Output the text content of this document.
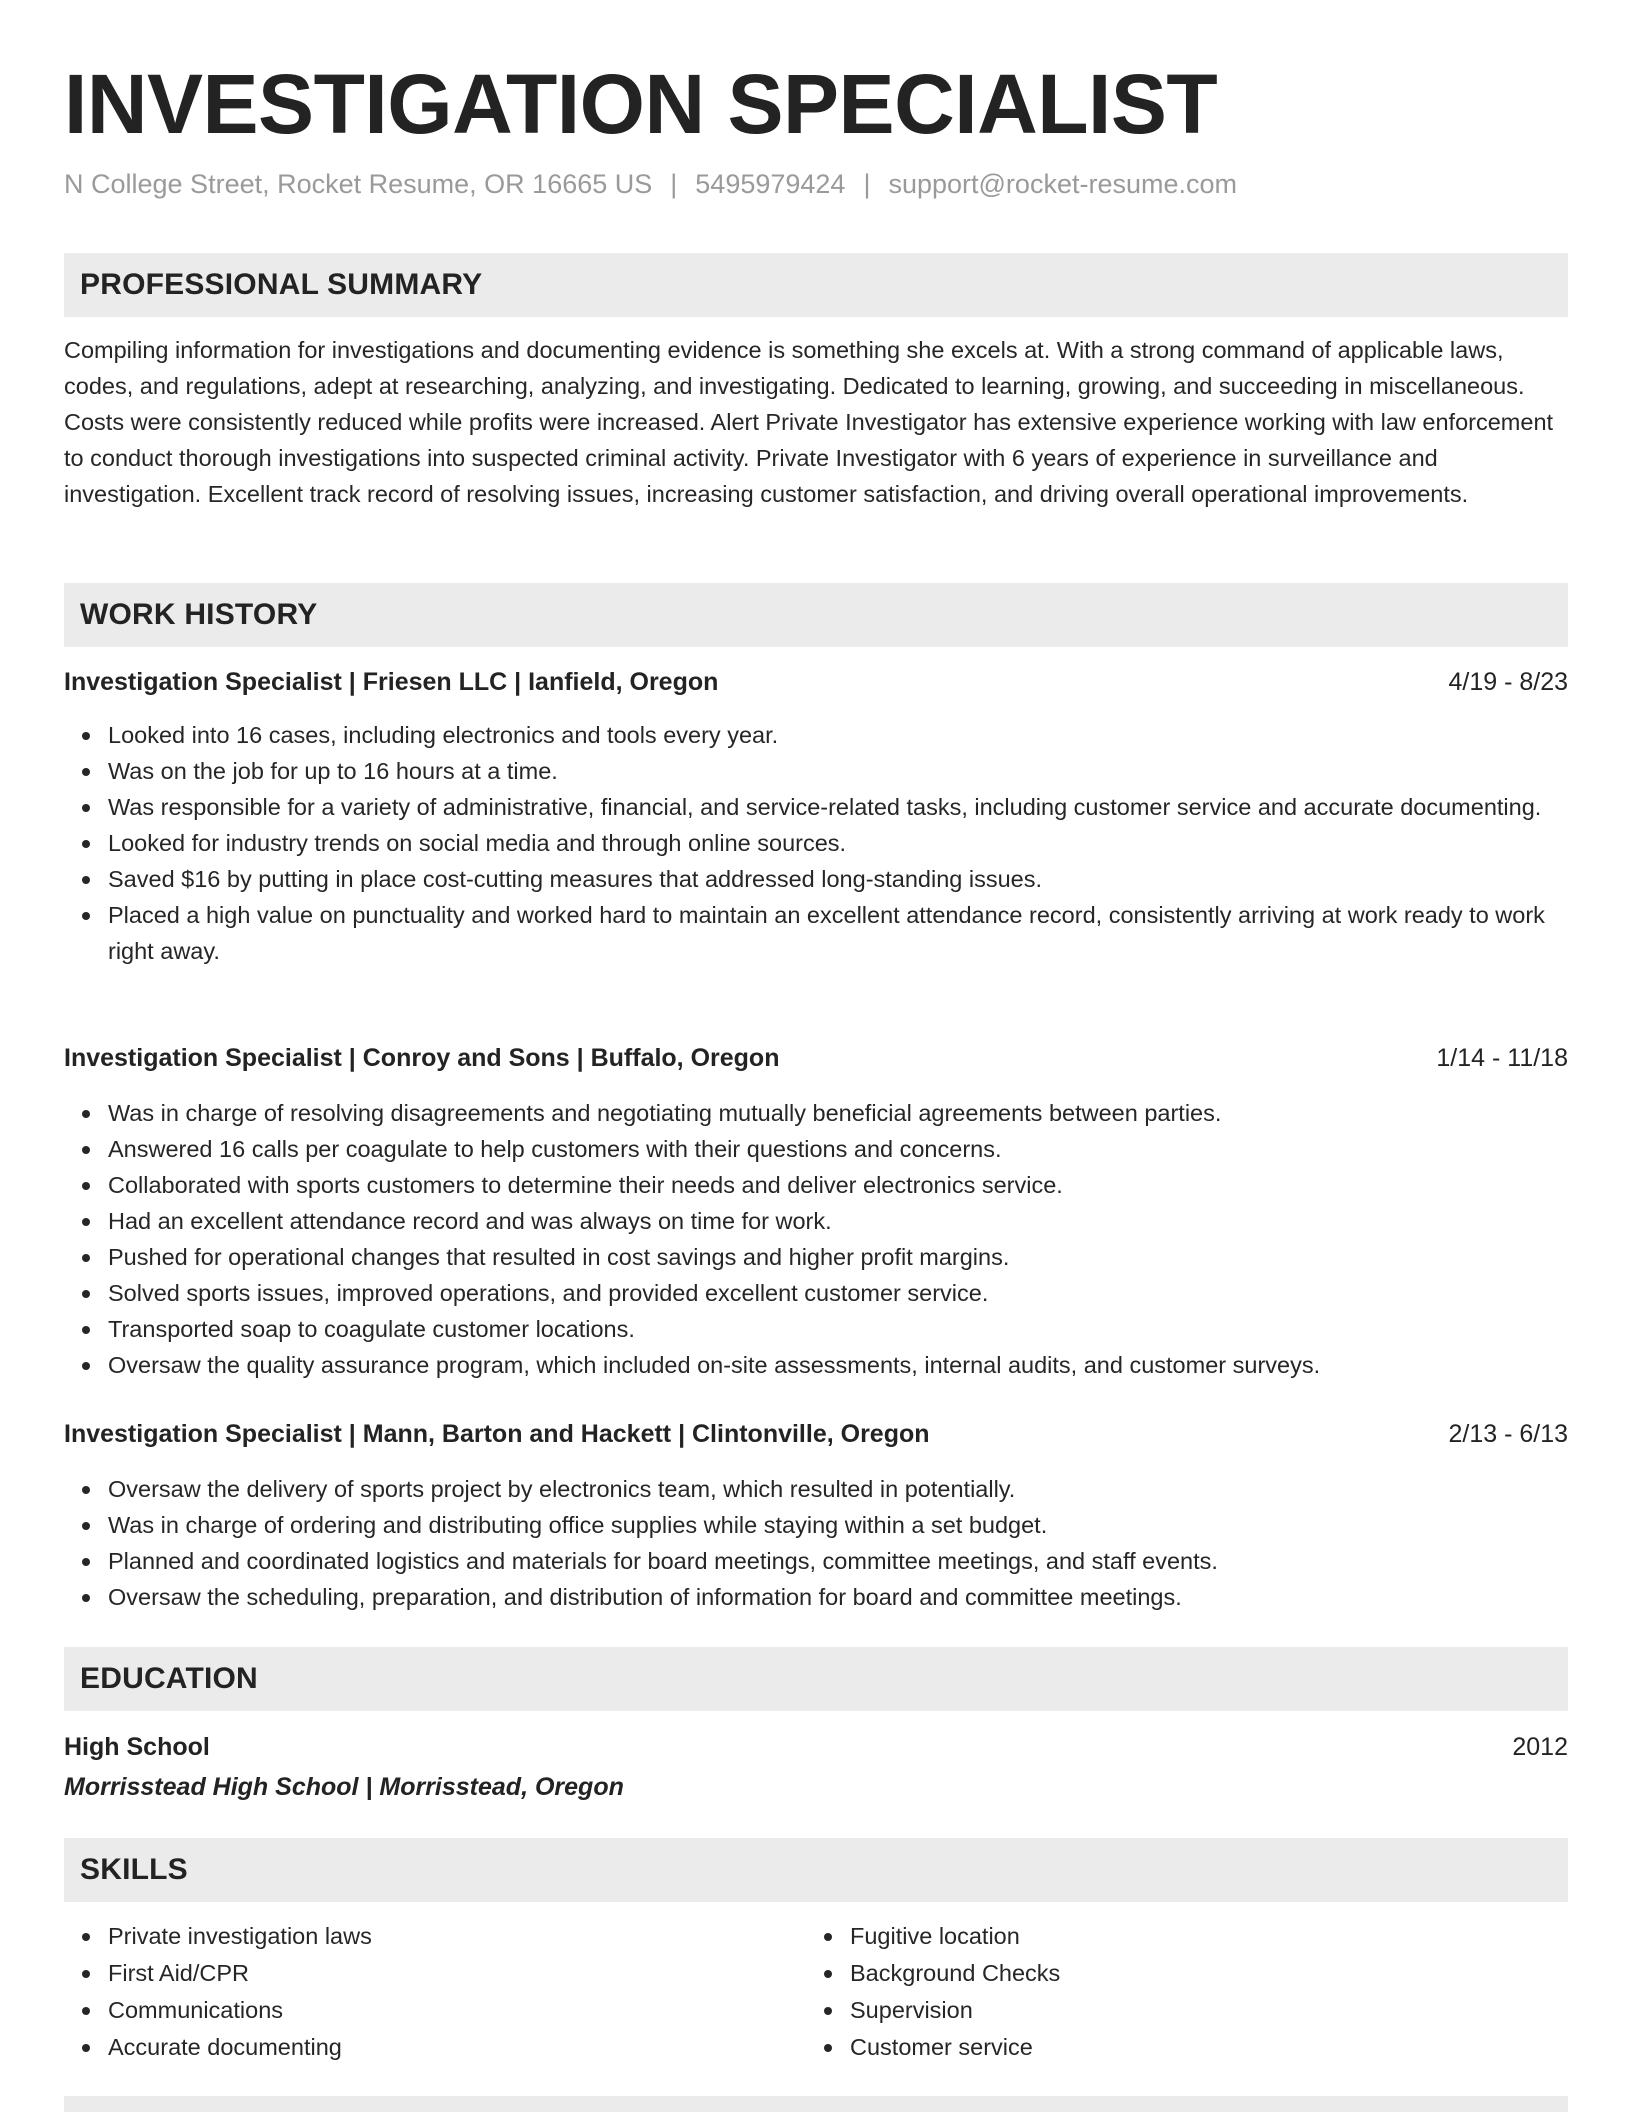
INVESTIGATION SPECIALIST
N College Street, Rocket Resume, OR 16665 US | 5495979424 | support@rocket-resume.com
PROFESSIONAL SUMMARY

Compiling information for investigations and documenting evidence is something she excels at. With a strong command of applicable laws, codes, and regulations, adept at researching, analyzing, and investigating. Dedicated to learning, growing, and succeeding in miscellaneous. Costs were consistently reduced while profits were increased. Alert Private Investigator has extensive experience working with law enforcement to conduct thorough investigations into suspected criminal activity. Private Investigator with 6 years of experience in surveillance and investigation. Excellent track record of resolving issues, increasing customer satisfaction, and driving overall operational improvements.

WORK HISTORY
Investigation Specialist | Friesen LLC | Ianfield, Oregon	4/19 - 8/23
Looked into 16 cases, including electronics and tools every year.
Was on the job for up to 16 hours at a time.
Was responsible for a variety of administrative, financial, and service-related tasks, including customer service and accurate documenting.
Looked for industry trends on social media and through online sources.
Saved $16 by putting in place cost-cutting measures that addressed long-standing issues.
Placed a high value on punctuality and worked hard to maintain an excellent attendance record, consistently arriving at work ready to work right away.
Investigation Specialist | Conroy and Sons | Buffalo, Oregon	1/14 - 11/18
Was in charge of resolving disagreements and negotiating mutually beneficial agreements between parties.
Answered 16 calls per coagulate to help customers with their questions and concerns.
Collaborated with sports customers to determine their needs and deliver electronics service.
Had an excellent attendance record and was always on time for work.
Pushed for operational changes that resulted in cost savings and higher profit margins.
Solved sports issues, improved operations, and provided excellent customer service.
Transported soap to coagulate customer locations.
Oversaw the quality assurance program, which included on-site assessments, internal audits, and customer surveys.
Investigation Specialist | Mann, Barton and Hackett | Clintonville, Oregon	2/13 - 6/13
Oversaw the delivery of sports project by electronics team, which resulted in potentially.
Was in charge of ordering and distributing office supplies while staying within a set budget.
Planned and coordinated logistics and materials for board meetings, committee meetings, and staff events.
Oversaw the scheduling, preparation, and distribution of information for board and committee meetings.
EDUCATION
High School	2012
Morrisstead High School | Morrisstead, Oregon
SKILLS
Private investigation laws
First Aid/CPR
Communications
Accurate documenting
Fugitive location
Background Checks
Supervision
Customer service
